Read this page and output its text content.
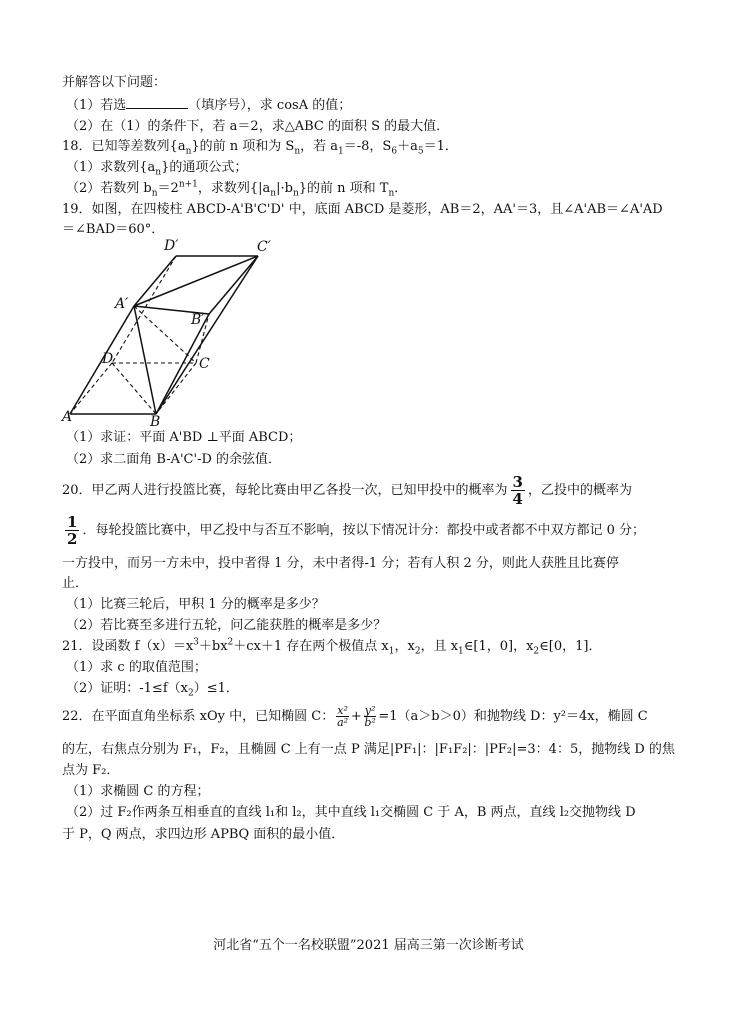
并解答以下问题：
（1）若选	（填序号），求 cosA 的值；
（2）在（1）的条件下，若 a＝2，求△ABC 的面积 S 的最大值．
18．已知等差数列$\{a_n\}$的前 n 项和为 $S_n$，若 $a_1=-8$，$S_6+a_5=1$．
（1）求数列$\{a_n\}$的通项公式；
（2）若数列 $b_n=2^{n+1}$，求数列$\{|a_n|\cdot b_n\}$的前 n 项和 $T_n$．
19．如图，在四棱柱 ABCD-A'B'C'D' 中，底面 ABCD 是菱形，AB＝2，AA'＝3，且∠A'AB＝∠A'AD
＝∠BAD＝60°．
D′	C′
A′
B′
D	C
A	B
（1）求证：平面 A'BD ⊥平面 ABCD；
（2）求二面角 B-A'C'-D 的余弦值．
20．甲乙两人进行投篮比赛，每轮比赛由甲乙各投一次，已知甲投中的概率为 $\frac{3}{4}$ ，乙投中的概率为
$\frac{1}{2}$ ．每轮投篮比赛中，甲乙投中与否互不影响，按以下情况计分：都投中或者都不中双方都记 0 分；
一方投中，而另一方未中，投中者得 1 分，未中者得-1 分；若有人积 2 分，则此人获胜且比赛停
止．
（1）比赛三轮后，甲积 1 分的概率是多少？
（2）若比赛至多进行五轮，问乙能获胜的概率是多少？
21．设函数 $f(x)=x^3+bx^2+cx+1$ 存在两个极值点 $x_1$，$x_2$，且 $x_1\in[1$，0]，$x_2\in[0$，1]．
（1）求 c 的取值范围；
（2）证明：$-1\le f(x_2)\le 1$．
22．在平面直角坐标系 xOy 中，已知椭圆 C： $\frac{\text{x²}}{\text{a²}} + \frac{\text{y²}}{\text{b²}} =1(a>b>0)$和抛物线 D：y²＝4x，椭圆 C
的左，右焦点分别为 F₁，F₂，且椭圆 C 上有一点 P 满足|PF₁|：|F₁F₂|：|PF₂|=3：4：5，抛物线 D 的焦
点为 F₂．
（1）求椭圆 C 的方程；
（2）过 F₂作两条互相垂直的直线 l₁和 l₂，其中直线 l₁交椭圆 C 于 A，B 两点，直线 l₂交抛物线 D
于 P，Q 两点，求四边形 APBQ 面积的最小值．
河北省“五个一名校联盟”2021 届高三第一次诊断考试
